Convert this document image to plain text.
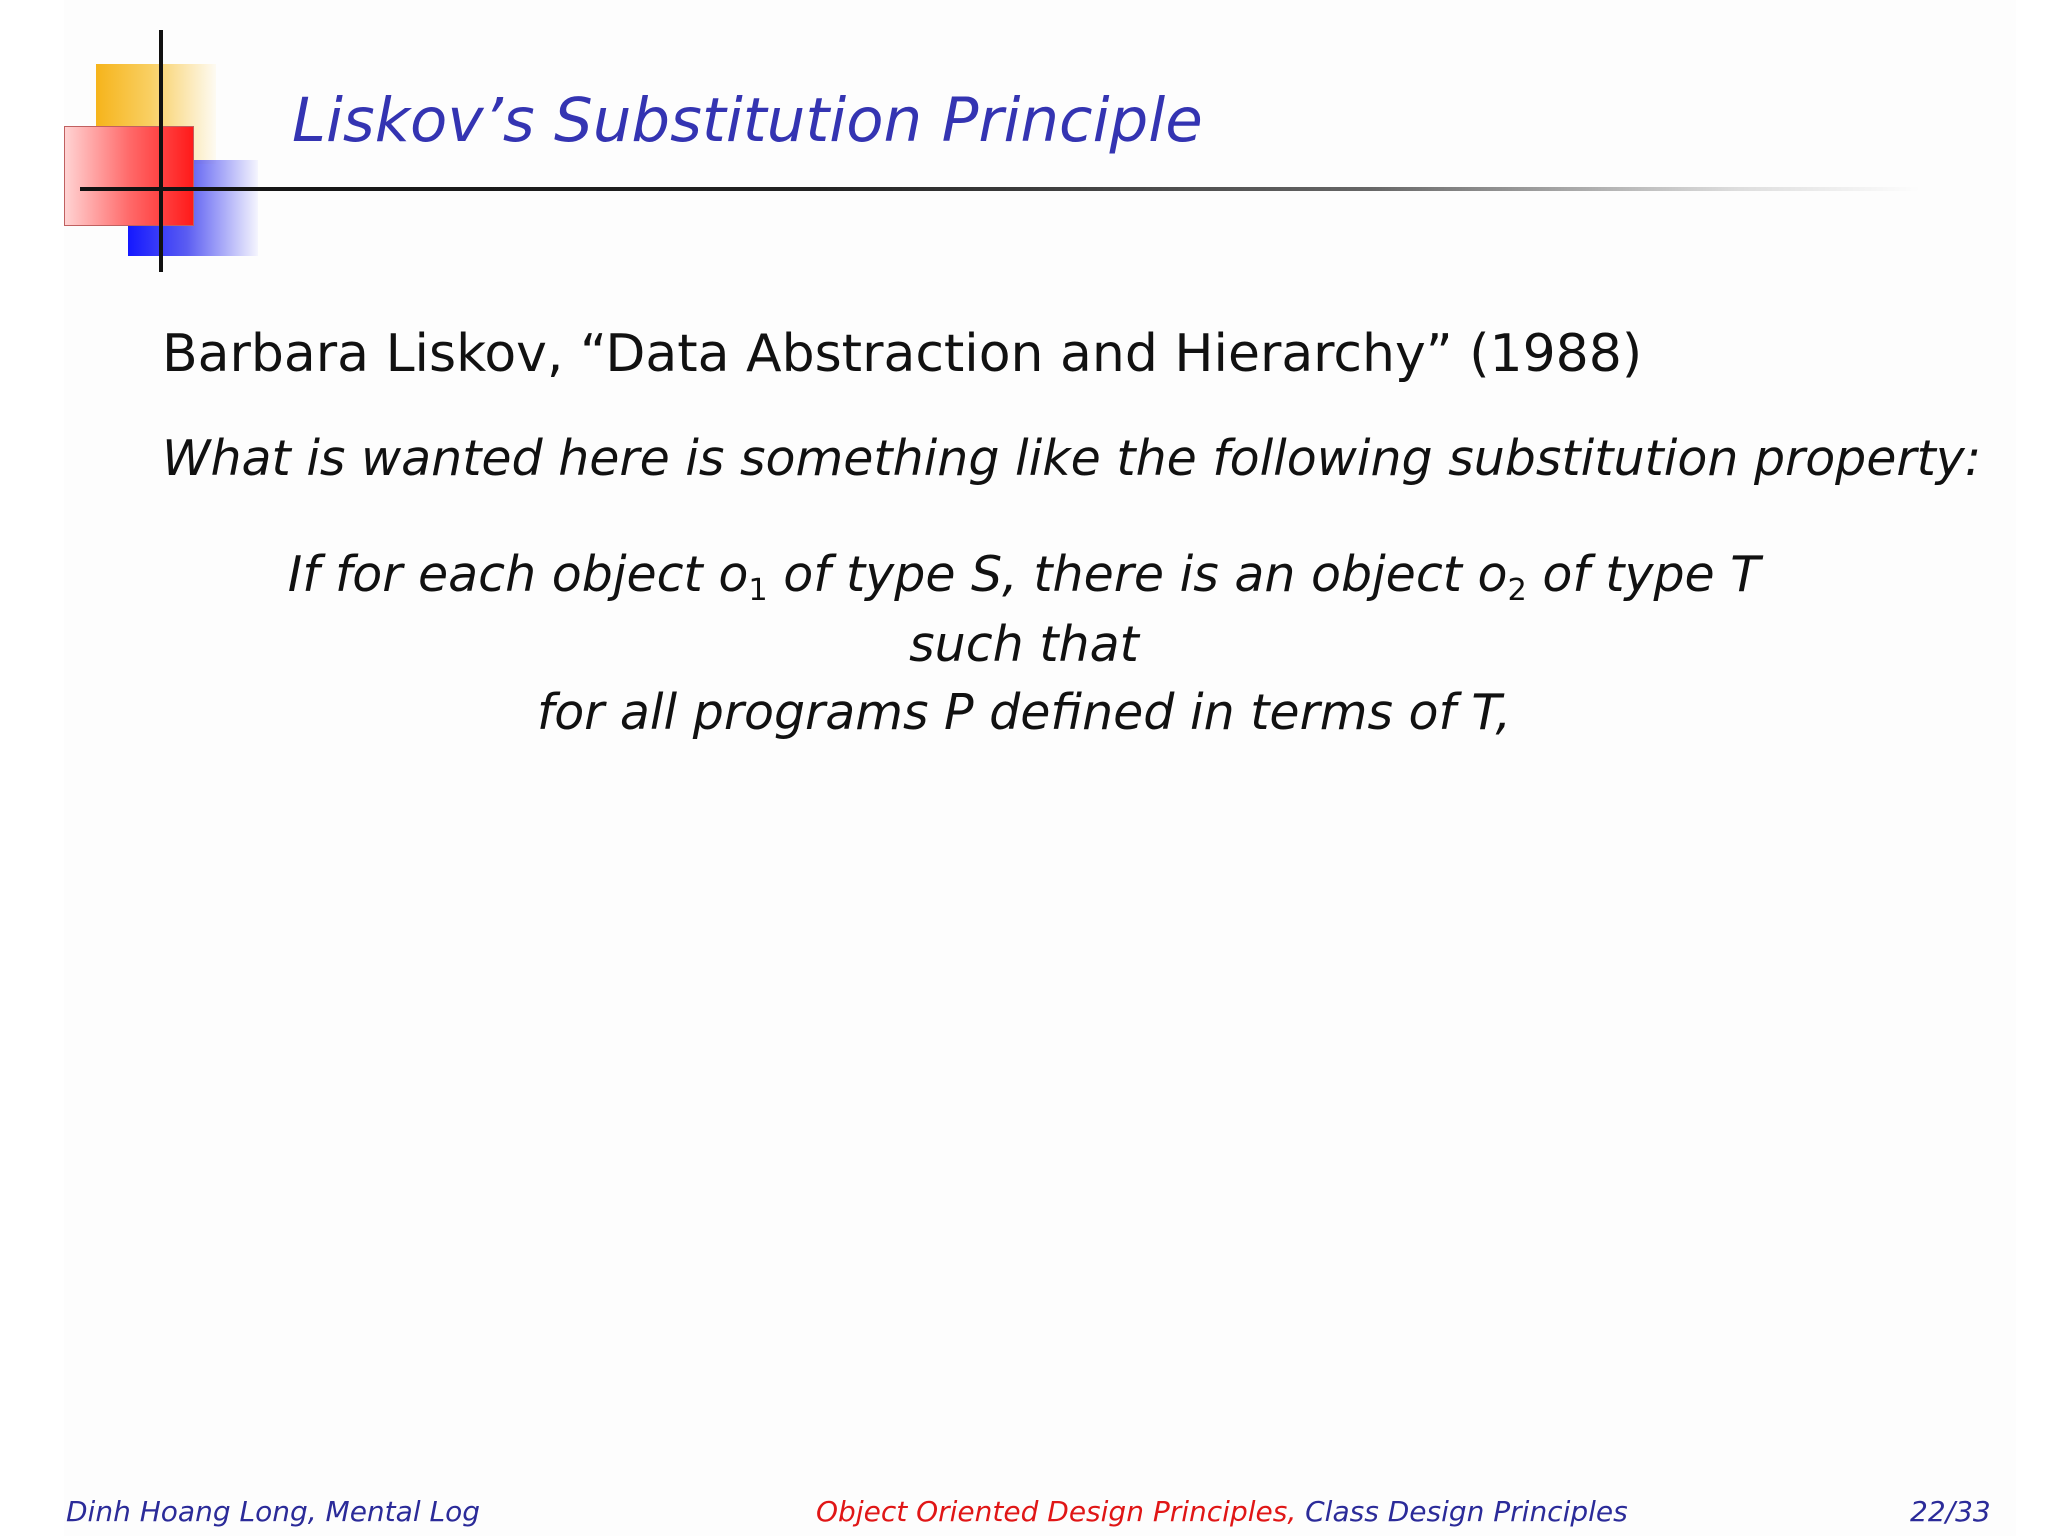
Liskov’s Substitution Principle
Barbara Liskov, “Data Abstraction and Hierarchy” (1988)
What is wanted here is something like the following substitution property:
If for each object $o_1$ of type S, there is an object $o_2$ of type T
such that
for all programs P defined in terms of T,
Dinh Hoang Long, Mental Log	Object Oriented Design Principles, Class Design Principles	22/33
